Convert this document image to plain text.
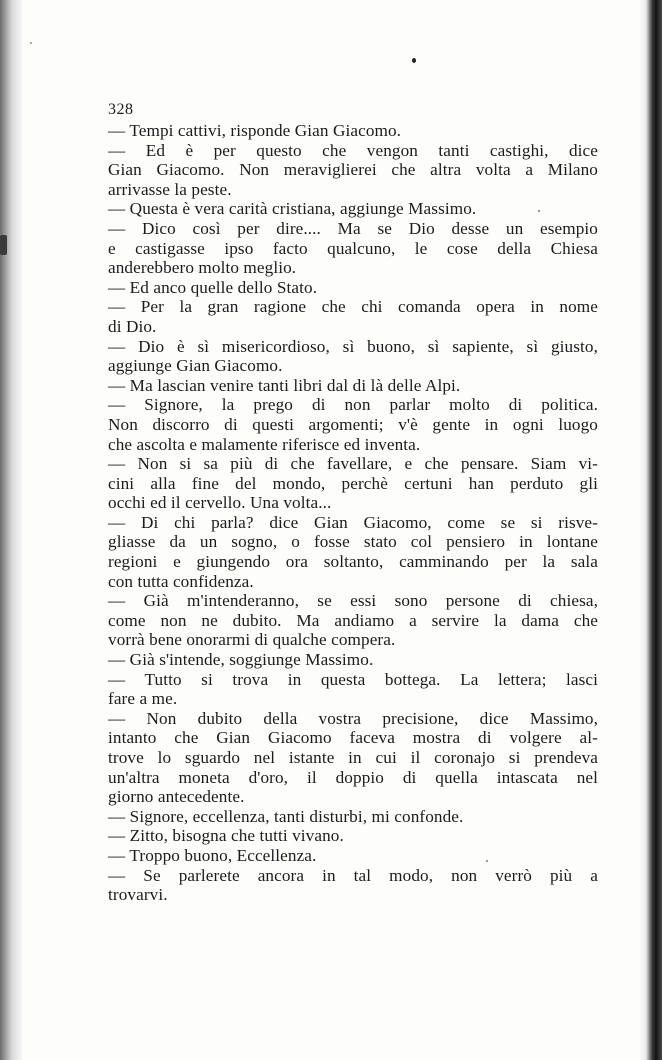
328
— Tempi cattivi, risponde Gian Giacomo.
— Ed è per questo che vengon tanti castighi, dice
Gian Giacomo. Non meraviglierei che altra volta a Milano
arrivasse la peste.
— Questa è vera carità cristiana, aggiunge Massimo.
— Dico così per dire.... Ma se Dio desse un esempio
e castigasse ipso facto qualcuno, le cose della Chiesa
anderebbero molto meglio.
— Ed anco quelle dello Stato.
— Per la gran ragione che chi comanda opera in nome
di Dio.
— Dio è sì misericordioso, sì buono, sì sapiente, sì giusto,
aggiunge Gian Giacomo.
— Ma lascian venire tanti libri dal di là delle Alpi.
— Signore, la prego di non parlar molto di politica.
Non discorro di questi argomenti; v'è gente in ogni luogo
che ascolta e malamente riferisce ed inventa.
— Non si sa più di che favellare, e che pensare. Siam vi-
cini alla fine del mondo, perchè certuni han perduto gli
occhi ed il cervello. Una volta...
— Di chi parla? dice Gian Giacomo, come se si risve-
gliasse da un sogno, o fosse stato col pensiero in lontane
regioni e giungendo ora soltanto, camminando per la sala
con tutta confidenza.
— Già m'intenderanno, se essi sono persone di chiesa,
come non ne dubito. Ma andiamo a servire la dama che
vorrà bene onorarmi di qualche compera.
— Già s'intende, soggiunge Massimo.
— Tutto si trova in questa bottega. La lettera; lasci
fare a me.
— Non dubito della vostra precisione, dice Massimo,
intanto che Gian Giacomo faceva mostra di volgere al-
trove lo sguardo nel istante in cui il coronajo si prendeva
un'altra moneta d'oro, il doppio di quella intascata nel
giorno antecedente.
— Signore, eccellenza, tanti disturbi, mi confonde.
— Zitto, bisogna che tutti vivano.
— Troppo buono, Eccellenza.
— Se parlerete ancora in tal modo, non verrò più a
trovarvi.
